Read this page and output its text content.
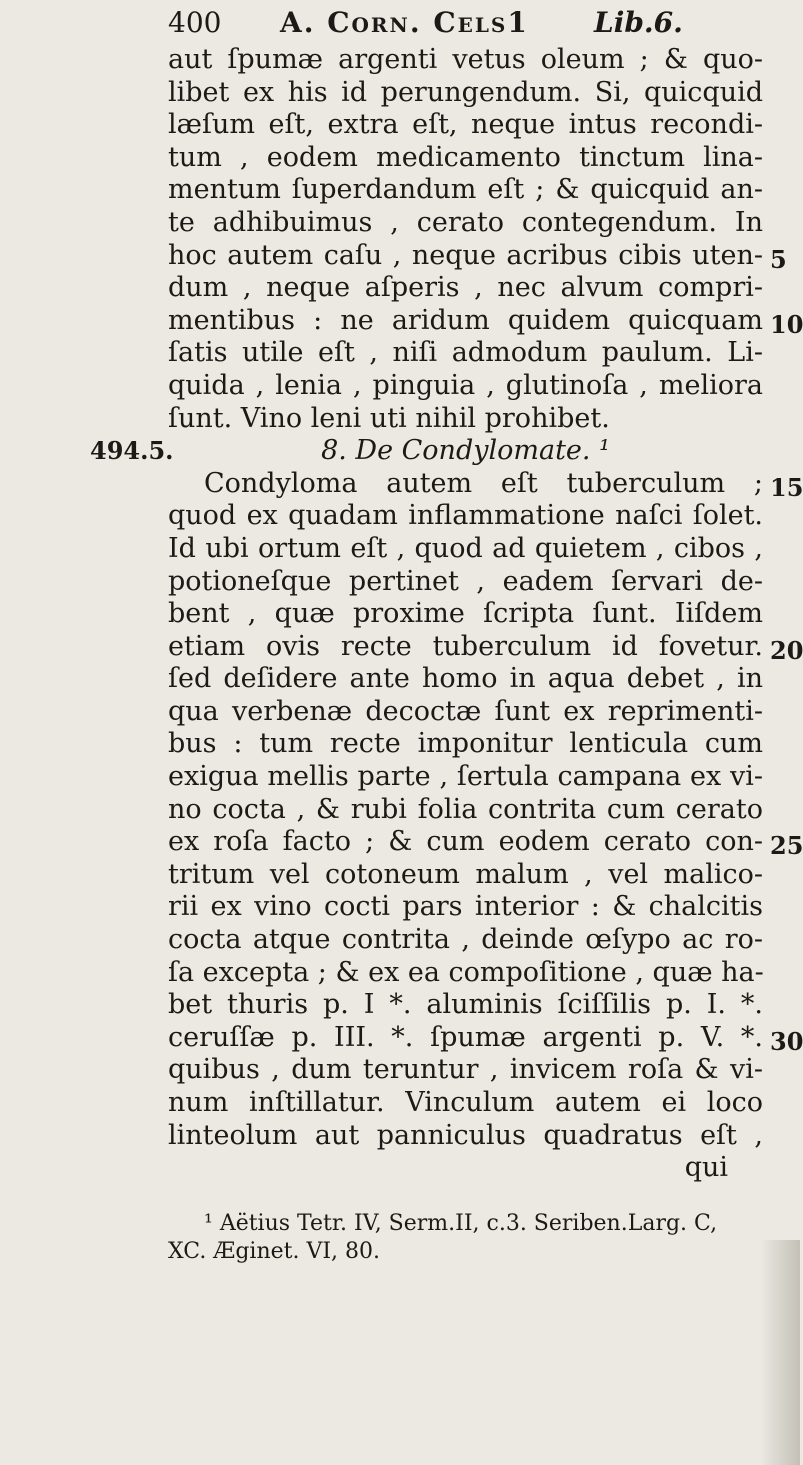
400 A. Corn. Cels1 Lib.6.
aut ſpumæ argenti vetus oleum ; & quo-
libet ex his id perungendum. Si, quicquid
læſum eſt, extra eſt, neque intus recondi-
tum , eodem medicamento tinctum lina-
mentum ſuperdandum eſt ; & quicquid an-
te adhibuimus , cerato contegendum. In
hoc autem caſu , neque acribus cibis uten-
dum , neque aſperis , nec alvum compri-
mentibus : ne aridum quidem quicquam
ſatis utile eſt , niſi admodum paulum. Li-
quida , lenia , pinguia , glutinoſa , meliora
ſunt. Vino leni uti nihil prohibet.
8. De Condylomate. ¹
Condyloma autem eſt tuberculum ;
quod ex quadam inflammatione naſci ſolet.
Id ubi ortum eſt , quod ad quietem , cibos ,
potioneſque pertinet , eadem ſervari de-
bent , quæ proxime ſcripta ſunt. Iiſdem
etiam ovis recte tuberculum id fovetur.
ſed deſidere ante homo in aqua debet , in
qua verbenæ decoctæ ſunt ex reprimenti-
bus : tum recte imponitur lenticula cum
exigua mellis parte , ſertula campana ex vi-
no cocta , & rubi folia contrita cum cerato
ex roſa facto ; & cum eodem cerato con-
tritum vel cotoneum malum , vel malico-
rii ex vino cocti pars interior : & chalcitis
cocta atque contrita , deinde œſypo ac ro-
ſa excepta ; & ex ea compoſitione , quæ ha-
bet thuris p. I *. aluminis ſciſſilis p. I. *.
ceruſſæ p. III. *. ſpumæ argenti p. V. *.
quibus , dum teruntur , invicem roſa & vi-
num inſtillatur. Vinculum autem ei loco
linteolum aut panniculus quadratus eſt ,
qui
5
10
15
20
25
30
494.5.
¹ Aëtius Tetr. IV, Serm.II, c.3. Seriben.Larg. C,
XC. Æginet. VI, 80.
